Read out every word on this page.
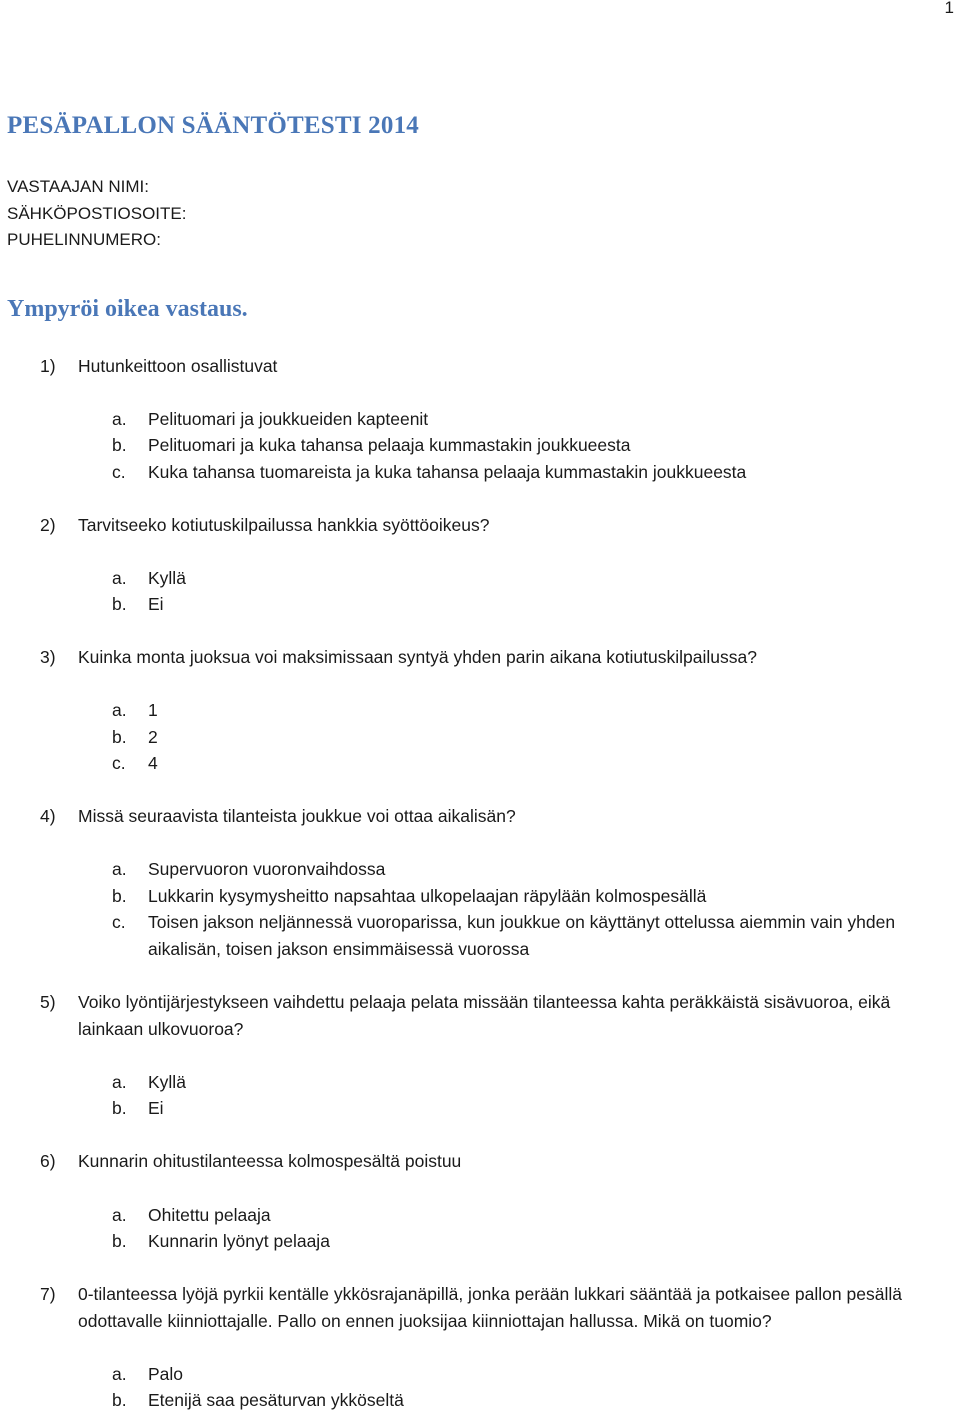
1
PESÄPALLON SÄÄNTÖTESTI 2014
VASTAAJAN NIMI:
SÄHKÖPOSTIOSOITE:
PUHELINNUMERO:
Ympyröi oikea vastaus.
1) Hutunkeittoon osallistuvat
a. Pelituomari ja joukkueiden kapteenit
b. Pelituomari ja kuka tahansa pelaaja kummastakin joukkueesta
c. Kuka tahansa tuomareista ja kuka tahansa pelaaja kummastakin joukkueesta
2) Tarvitseeko kotiutuskilpailussa hankkia syöttöoikeus?
a. Kyllä
b. Ei
3) Kuinka monta juoksua voi maksimissaan syntyä yhden parin aikana kotiutuskilpailussa?
a. 1
b. 2
c. 4
4) Missä seuraavista tilanteista joukkue voi ottaa aikalisän?
a. Supervuoron vuoronvaihdossa
b. Lukkarin kysymysheitto napsahtaa ulkopelaajan räpylään kolmospesällä
c. Toisen jakson neljännessä vuoroparissa, kun joukkue on käyttänyt ottelussa aiemmin vain yhden aikalisän, toisen jakson ensimmäisessä vuorossa
5) Voiko lyöntijärjestykseen vaihdettu pelaaja pelata missään tilanteessa kahta peräkkäistä sisävuoroa, eikä lainkaan ulkovuoroa?
a. Kyllä
b. Ei
6) Kunnarin ohitustilanteessa kolmospesältä poistuu
a. Ohitettu pelaaja
b. Kunnarin lyönyt pelaaja
7) 0-tilanteessa lyöjä pyrkii kentälle ykkösrajanäpillä, jonka perään lukkari sääntää ja potkaisee pallon pesällä odottavalle kiinniottajalle. Pallo on ennen juoksijaa kiinniottajan hallussa. Mikä on tuomio?
a. Palo
b. Etenijä saa pesäturvan ykköseltä
